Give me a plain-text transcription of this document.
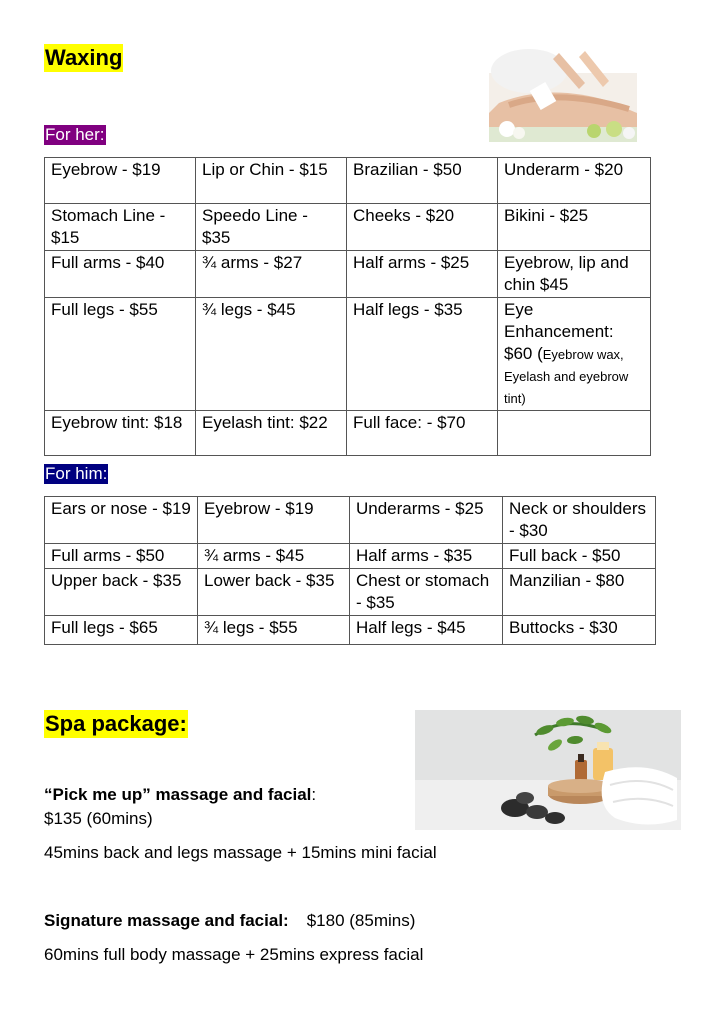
Waxing
For her:
Eyebrow - $19	Lip or Chin - $15	Brazilian - $50	Underarm - $20
Stomach Line - $15	Speedo Line - $35	Cheeks - $20	Bikini - $25
Full arms - $40	¾ arms - $27	Half arms - $25	Eyebrow, lip and chin $45
Full legs - $55	¾ legs - $45	Half legs - $35	Eye Enhancement: $60 (Eyebrow wax, Eyelash and eyebrow tint)
Eyebrow tint: $18	Eyelash tint: $22	Full face: - $70	
For him:
Ears or nose - $19	Eyebrow - $19	Underarms - $25	Neck or shoulders - $30
Full arms - $50	¾ arms - $45	Half arms - $35	Full back - $50
Upper back - $35	Lower back - $35	Chest or stomach - $35	Manzilian - $80
Full legs - $65	¾ legs - $55	Half legs - $45	Buttocks - $30
Spa package:
“Pick me up” massage and facial:
$135 (60mins)
45mins back and legs massage + 15mins mini facial
Signature massage and facial: $180 (85mins)
60mins full body massage + 25mins express facial
